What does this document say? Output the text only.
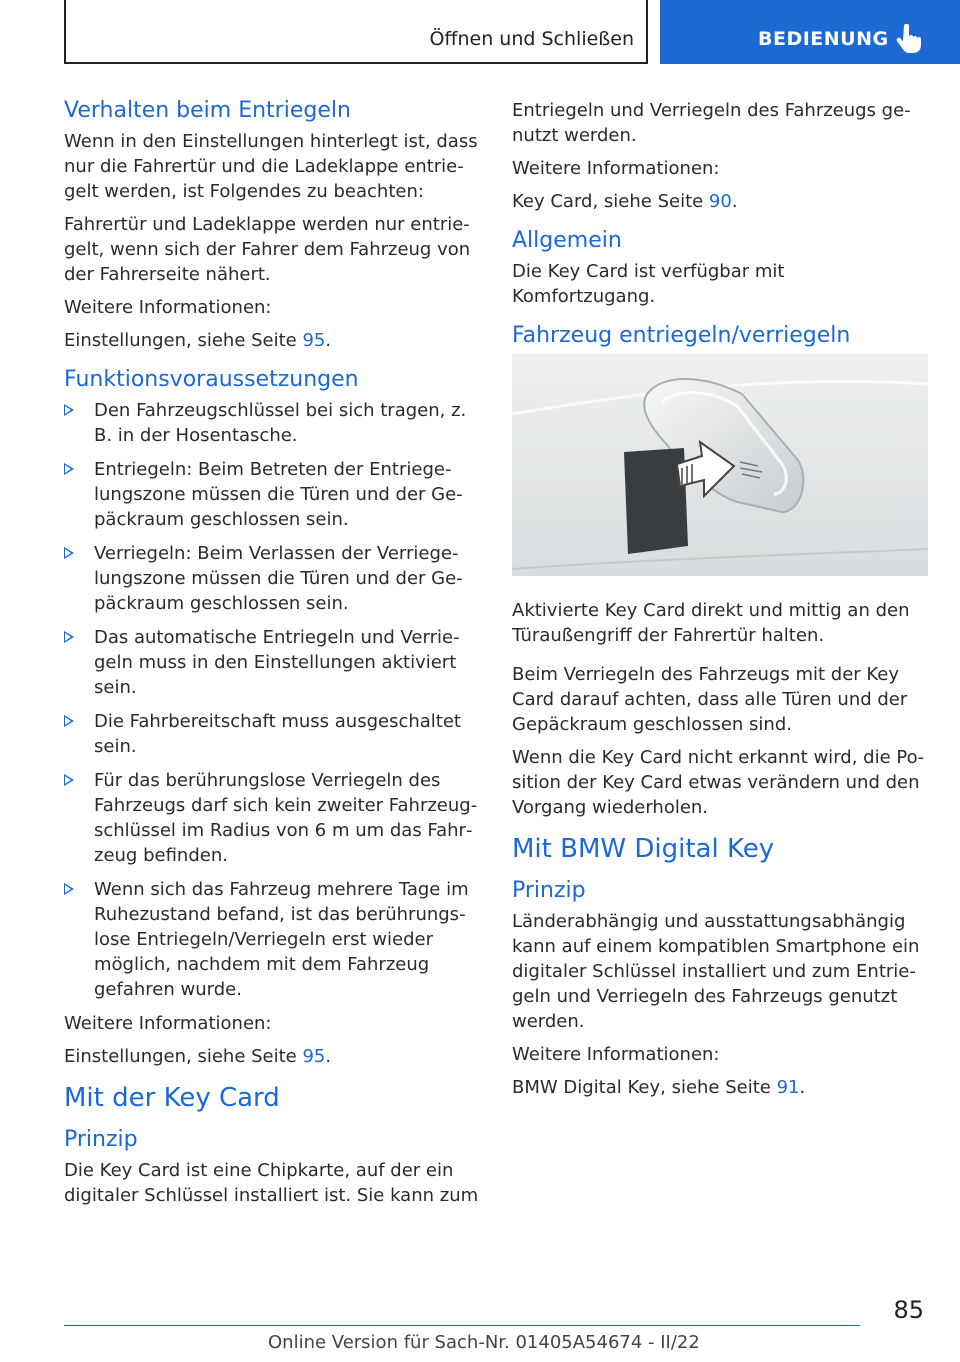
Öffnen und Schließen	BEDIENUNG
Verhalten beim Entriegeln

Wenn in den Einstellungen hinterlegt ist, dass nur die Fahrertür und die Ladeklappe entriegelt werden, ist Folgendes zu beachten:

Fahrertür und Ladeklappe werden nur entriegelt, wenn sich der Fahrer dem Fahrzeug von der Fahrerseite nähert.

Weitere Informationen:

Einstellungen, siehe Seite 95.

Funktionsvoraussetzungen
Den Fahrzeugschlüssel bei sich tragen, z. B. in der Hosentasche.
Entriegeln: Beim Betreten der Entriegelungszone müssen die Türen und der Gepäckraum geschlossen sein.
Verriegeln: Beim Verlassen der Verriegelungszone müssen die Türen und der Gepäckraum geschlossen sein.
Das automatische Entriegeln und Verriegeln muss in den Einstellungen aktiviert sein.
Die Fahrbereitschaft muss ausgeschaltet sein.
Für das berührungslose Verriegeln des Fahrzeugs darf sich kein zweiter Fahrzeugschlüssel im Radius von 6 m um das Fahrzeug befinden.
Wenn sich das Fahrzeug mehrere Tage im Ruhezustand befand, ist das berührungslose Entriegeln/Verriegeln erst wieder möglich, nachdem mit dem Fahrzeug gefahren wurde.

Weitere Informationen:

Einstellungen, siehe Seite 95.

Mit der Key Card
Prinzip

Die Key Card ist eine Chipkarte, auf der ein digitaler Schlüssel installiert ist. Sie kann zum

Entriegeln und Verriegeln des Fahrzeugs genutzt werden.

Weitere Informationen:

Key Card, siehe Seite 90.

Allgemein

Die Key Card ist verfügbar mit Komfortzugang.

Fahrzeug entriegeln/verriegeln

Aktivierte Key Card direkt und mittig an den Türaußengriff der Fahrertür halten.

Beim Verriegeln des Fahrzeugs mit der Key Card darauf achten, dass alle Türen und der Gepäckraum geschlossen sind.

Wenn die Key Card nicht erkannt wird, die Position der Key Card etwas verändern und den Vorgang wiederholen.

Mit BMW Digital Key
Prinzip

Länderabhängig und ausstattungsabhängig kann auf einem kompatiblen Smartphone ein digitaler Schlüssel installiert und zum Entriegeln und Verriegeln des Fahrzeugs genutzt werden.

Weitere Informationen:

BMW Digital Key, siehe Seite 91.

85
Online Version für Sach-Nr. 01405A54674 - II/22
